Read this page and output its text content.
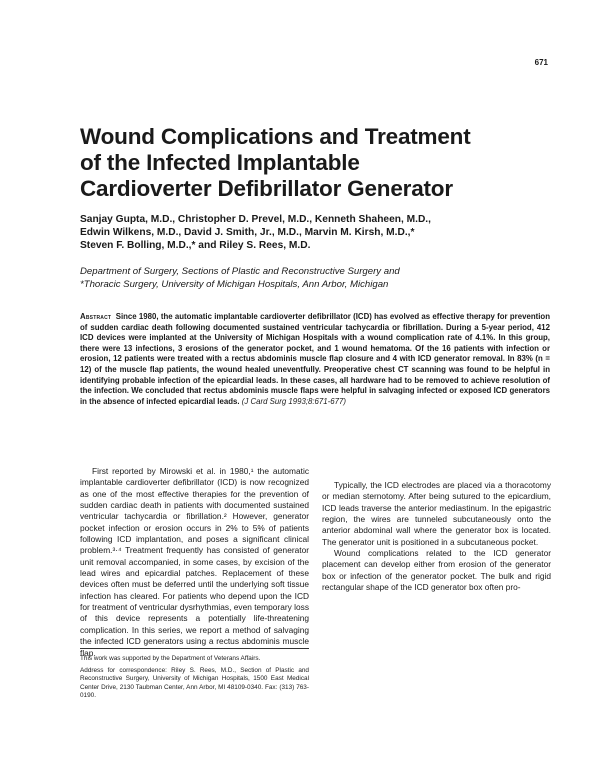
671
Wound Complications and Treatment
of the Infected Implantable
Cardioverter Defibrillator Generator

Sanjay Gupta, M.D., Christopher D. Prevel, M.D., Kenneth Shaheen, M.D.,
Edwin Wilkens, M.D., David J. Smith, Jr., M.D., Marvin M. Kirsh, M.D.,*
Steven F. Bolling, M.D.,* and Riley S. Rees, M.D.

Department of Surgery, Sections of Plastic and Reconstructive Surgery and
*Thoracic Surgery, University of Michigan Hospitals, Ann Arbor, Michigan

Abstract Since 1980, the automatic implantable cardioverter defibrillator (ICD) has evolved as effective therapy for prevention of sudden cardiac death following documented sustained ventricular tachycardia or fibrillation. During a 5-year period, 412 ICD devices were implanted at the University of Michigan Hospitals with a wound complication rate of 4.1%. In this group, there were 13 infections, 3 erosions of the generator pocket, and 1 wound hematoma. Of the 16 patients with infection or erosion, 12 patients were treated with a rectus abdominis muscle flap closure and 4 with ICD generator removal. In 83% (n = 12) of the muscle flap patients, the wound healed uneventfully. Preoperative chest CT scanning was found to be helpful in identifying probable infection of the epicardial leads. In these cases, all hardware had to be removed to achieve resolution of the infection. We concluded that rectus abdominis muscle flaps were helpful in salvaging infected or exposed ICD generators in the absence of infected epicardial leads. (J Card Surg 1993;8:671-677)

First reported by Mirowski et al. in 1980,¹ the automatic implantable cardioverter defibrillator (ICD) is now recognized as one of the most effective therapies for the prevention of sudden cardiac death in patients with documented sustained ventricular tachycardia or fibrillation.² However, generator pocket infection or erosion occurs in 2% to 5% of patients following ICD implantation, and poses a significant clinical problem.³·⁴ Treatment frequently has consisted of generator unit removal accompanied, in some cases, by excision of the lead wires and epicardial patches. Replacement of these devices often must be deferred until the underlying soft tissue infection has cleared. For patients who depend upon the ICD for treatment of ventricular dysrhythmias, even temporary loss of this device represents a potentially life-threatening complication. In this series, we report a method of salvaging the infected ICD generators using a rectus abdominis muscle flap.

Typically, the ICD electrodes are placed via a thoracotomy or median sternotomy. After being sutured to the epicardium, ICD leads traverse the anterior mediastinum. In the epigastric region, the wires are tunneled subcutaneously onto the anterior abdominal wall where the generator box is located. The generator unit is positioned in a subcutaneous pocket.

Wound complications related to the ICD generator placement can develop either from erosion of the generator box or infection of the generator pocket. The bulk and rigid rectangular shape of the ICD generator box often pro-

This work was supported by the Department of Veterans Affairs.

Address for correspondence: Riley S. Rees, M.D., Section of Plastic and Reconstructive Surgery, University of Michigan Hospitals, 1500 East Medical Center Drive, 2130 Taubman Center, Ann Arbor, MI 48109-0340. Fax: (313) 763-0190.
